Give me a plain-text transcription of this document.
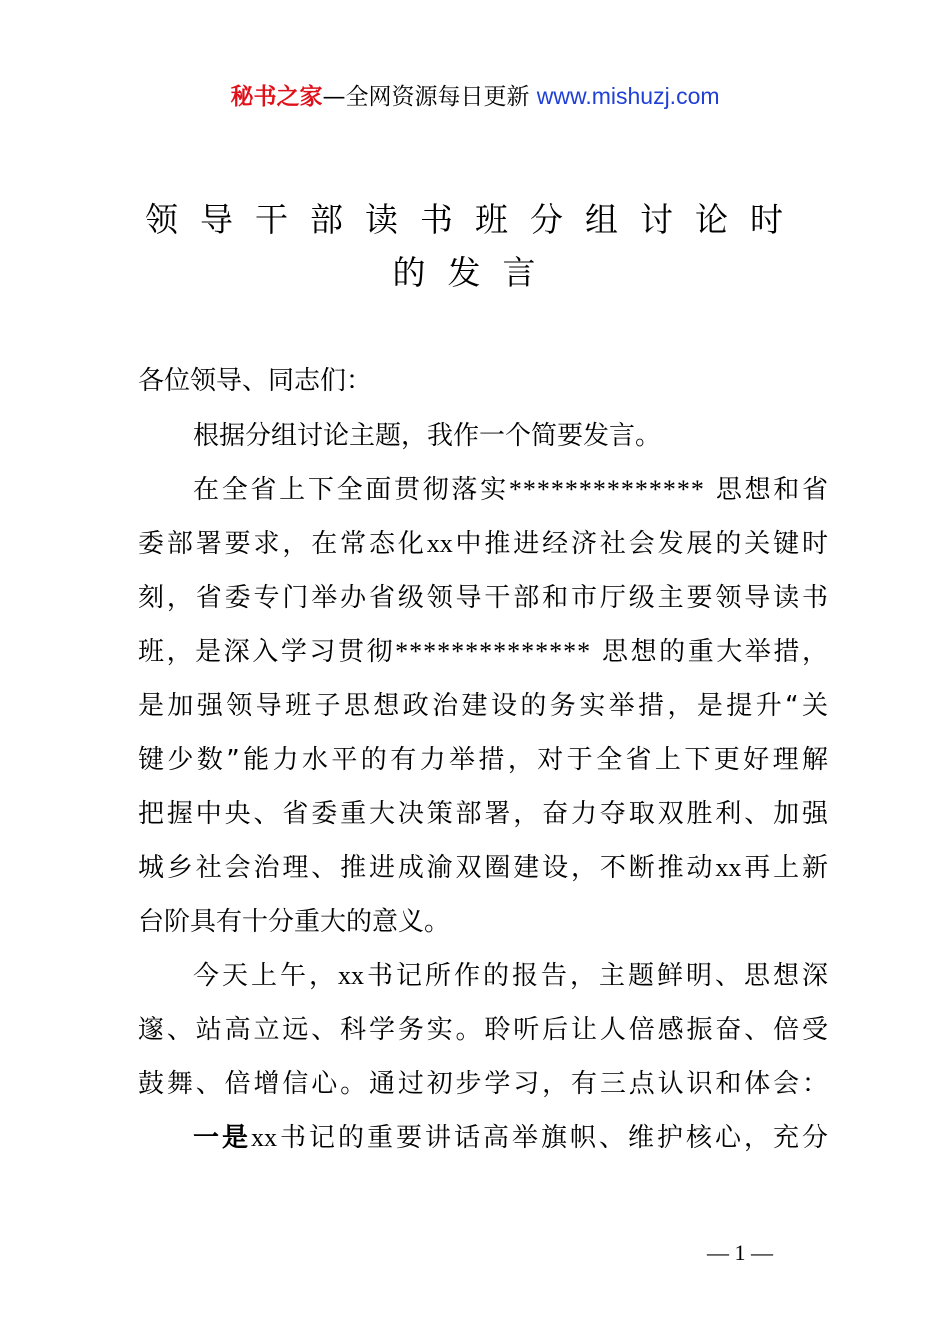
秘书之家—全网资源每日更新 www.mishuzj.com
领导干部读书班分组讨论时
的发言
各位领导、同志们：
根据分组讨论主题，我作一个简要发言。
在全省上下全面贯彻落实************** 思想和省
委部署要求，在常态化xx中推进经济社会发展的关键时
刻，省委专门举办省级领导干部和市厅级主要领导读书
班，是深入学习贯彻************** 思想的重大举措，
是加强领导班子思想政治建设的务实举措，是提升“关
键少数”能力水平的有力举措，对于全省上下更好理解
把握中央、省委重大决策部署，奋力夺取双胜利、加强
城乡社会治理、推进成渝双圈建设，不断推动xx再上新
台阶具有十分重大的意义。
今天上午，xx书记所作的报告，主题鲜明、思想深
邃、站高立远、科学务实。聆听后让人倍感振奋、倍受
鼓舞、倍增信心。通过初步学习，有三点认识和体会：
一是xx书记的重要讲话高举旗帜、维护核心，充分
— 1 —
